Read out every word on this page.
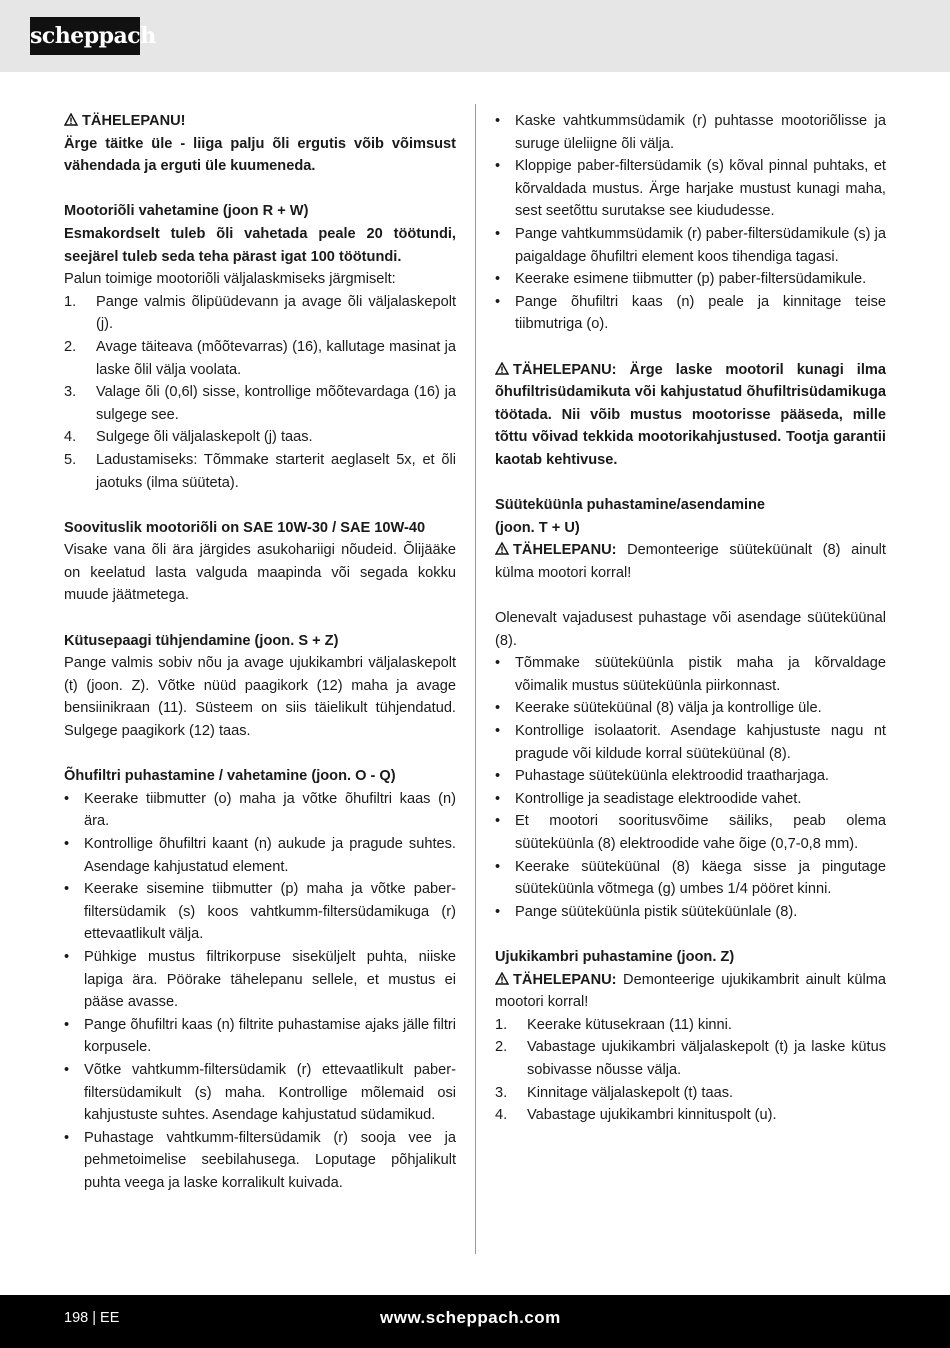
scheppach

TÄHELEPANU!

Ärge täitke üle - liiga palju õli ergutis võib võimsust vähendada ja erguti üle kuumeneda.

Mootoriõli vahetamine (joon R + W)

Esmakordselt tuleb õli vahetada peale 20 töötundi, seejärel tuleb seda teha pärast igat 100 töötundi.

Palun toimige mootoriõli väljalaskmiseks järgmiselt:

1. Pange valmis õlipüüdevann ja avage õli väljalaskepolt (j).
2. Avage täiteava (mõõtevarras) (16), kallutage masinat ja laske õlil välja voolata.
3. Valage õli (0,6l) sisse, kontrollige mõõtevardaga (16) ja sulgege see.
4. Sulgege õli väljalaskepolt (j) taas.
5. Ladustamiseks: Tõmmake starterit aeglaselt 5x, et õli jaotuks (ilma süüteta).

Soovituslik mootoriõli on SAE 10W-30 / SAE 10W-40

Visake vana õli ära järgides asukohariigi nõudeid. Õlijääke on keelatud lasta valguda maapinda või segada kokku muude jäätmetega.

Kütusepaagi tühjendamine (joon. S + Z)

Pange valmis sobiv nõu ja avage ujukikambri väljalaskepolt (t) (joon. Z). Võtke nüüd paagikork (12) maha ja avage bensiinikraan (11). Süsteem on siis täielikult tühjendatud. Sulgege paagikork (12) taas.

Õhufiltri puhastamine / vahetamine (joon. O - Q)

• Keerake tiibmutter (o) maha ja võtke õhufiltri kaas (n) ära.
• Kontrollige õhufiltri kaant (n) aukude ja pragude suhtes. Asendage kahjustatud element.
• Keerake sisemine tiibmutter (p) maha ja võtke paber-filtersüdamik (s) koos vahtkumm-filtersüdamikuga (r) ettevaatlikult välja.
• Pühkige mustus filtrikorpuse siseküljelt puhta, niiske lapiga ära. Pöörake tähelepanu sellele, et mustus ei pääse avasse.
• Pange õhufiltri kaas (n) filtrite puhastamise ajaks jälle filtri korpusele.
• Võtke vahtkumm-filtersüdamik (r) ettevaatlikult paber-filtersüdamikult (s) maha. Kontrollige mõlemaid osi kahjustuste suhtes. Asendage kahjustatud südamikud.
• Puhastage vahtkumm-filtersüdamik (r) sooja vee ja pehmetoimelise seebilahusega. Loputage põhjalikult puhta veega ja laske korralikult kuivada.
• Kaske vahtkummsüdamik (r) puhtasse mootoriõlisse ja suruge üleliigne õli välja.
• Kloppige paber-filtersüdamik (s) kõval pinnal puhtaks, et kõrvaldada mustus. Ärge harjake mustust kunagi maha, sest seetõttu surutakse see kiududesse.
• Pange vahtkummsüdamik (r) paber-filtersüdamikule (s) ja paigaldage õhufiltri element koos tihendiga tagasi.
• Keerake esimene tiibmutter (p) paber-filtersüdamikule.
• Pange õhufiltri kaas (n) peale ja kinnitage teise tiibmutriga (o).

TÄHELEPANU: Ärge laske mootoril kunagi ilma õhufiltrisüdamikuta või kahjustatud õhufiltrisüdamikuga töötada. Nii võib mustus mootorisse pääseda, mille tõttu võivad tekkida mootorikahjustused. Tootja garantii kaotab kehtivuse.

Süüteküünla puhastamine/asendamine

(joon. T + U)

TÄHELEPANU: Demonteerige süüteküünalt (8) ainult külma mootori korral!

Olenevalt vajadusest puhastage või asendage süüteküünal (8).

• Tõmmake süüteküünla pistik maha ja kõrvaldage võimalik mustus süüteküünla piirkonnast.
• Keerake süüteküünal (8) välja ja kontrollige üle.
• Kontrollige isolaatorit. Asendage kahjustuste nagu nt pragude või kildude korral süüteküünal (8).
• Puhastage süüteküünla elektroodid traatharjaga.
• Kontrollige ja seadistage elektroodide vahet.
• Et mootori sooritusvõime säiliks, peab olema süüteküünla (8) elektroodide vahe õige (0,7-0,8 mm).
• Keerake süüteküünal (8) käega sisse ja pingutage süüteküünla võtmega (g) umbes 1/4 pööret kinni.
• Pange süüteküünla pistik süüteküünlale (8).

Ujukikambri puhastamine (joon. Z)

TÄHELEPANU: Demonteerige ujukikambrit ainult külma mootori korral!

1. Keerake kütusekraan (11) kinni.
2. Vabastage ujukikambri väljalaskepolt (t) ja laske kütus sobivasse nõusse välja.
3. Kinnitage väljalaskepolt (t) taas.
4. Vabastage ujukikambri kinnituspolt (u).
198 | EE	www.scheppach.com
